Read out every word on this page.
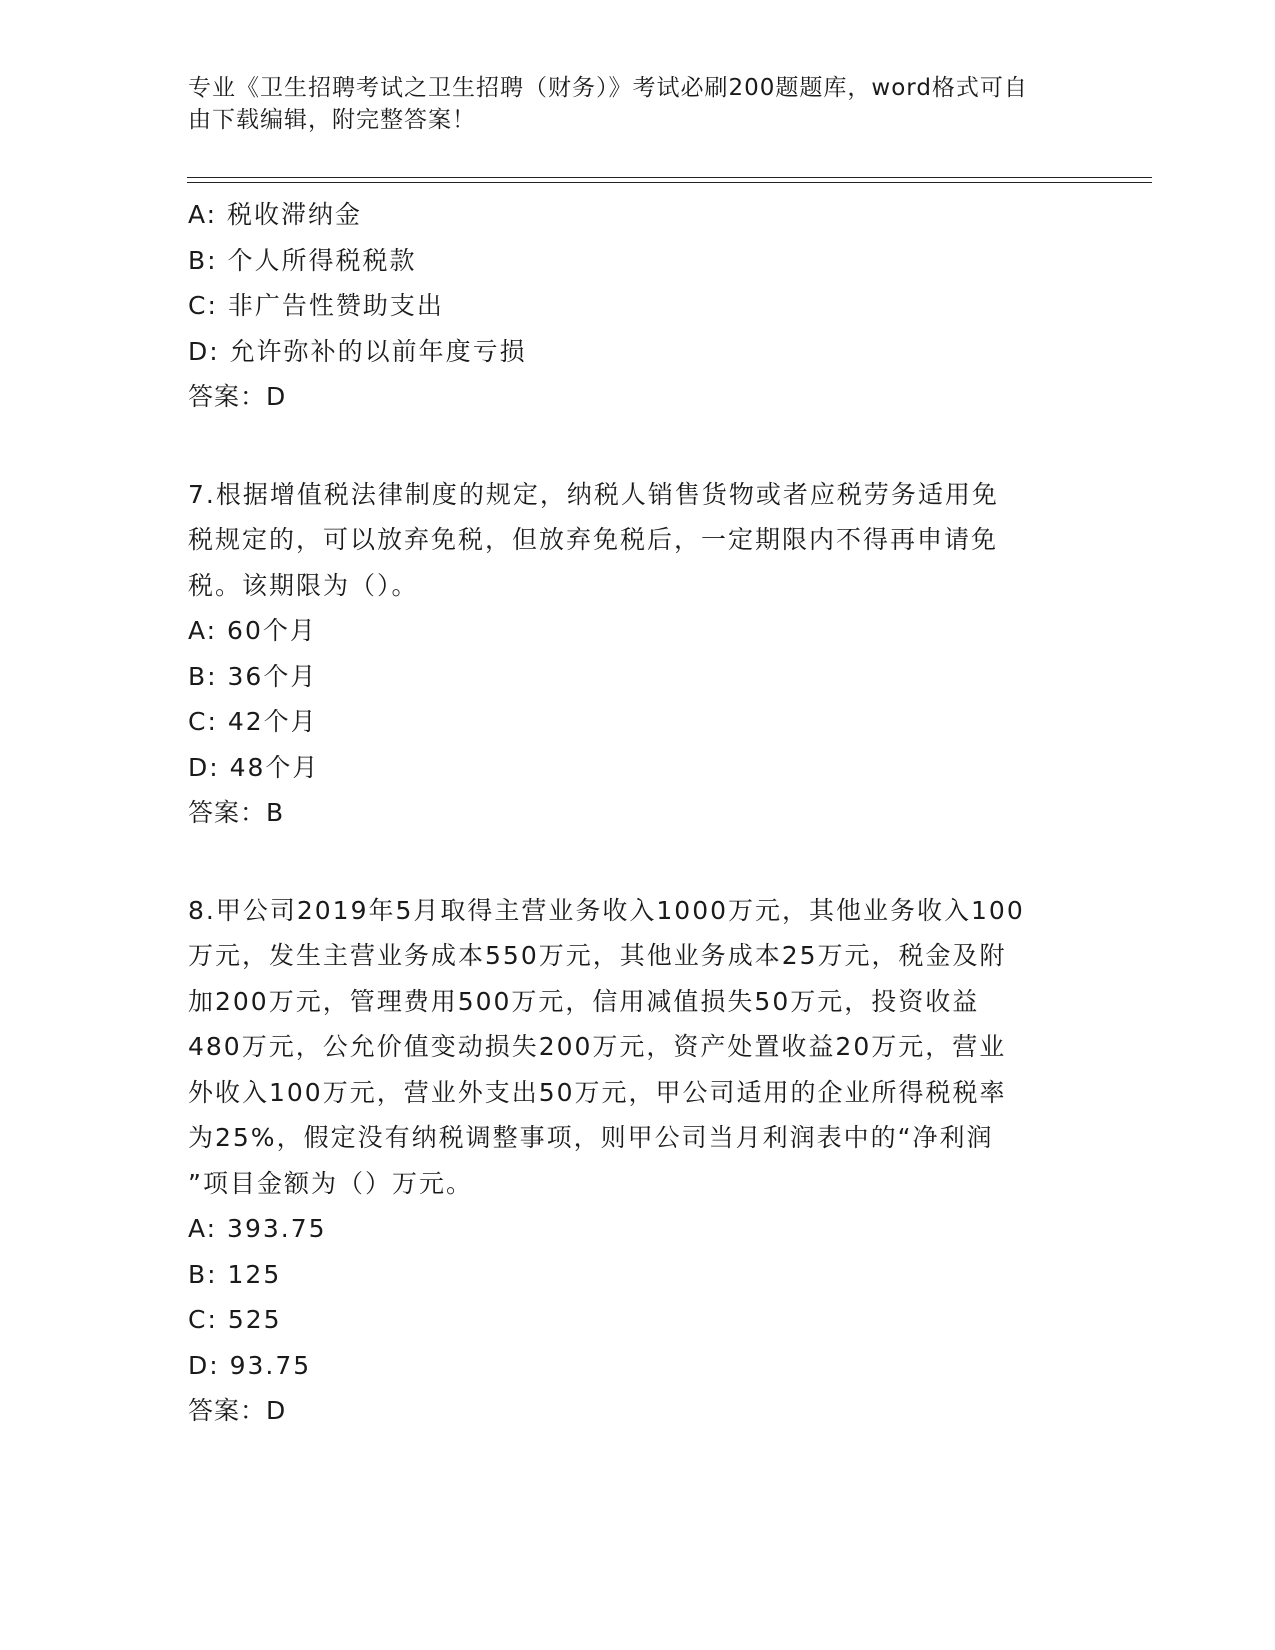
专业《卫生招聘考试之卫生招聘（财务）》考试必刷200题题库，word格式可自
由下载编辑，附完整答案！
A: 税收滞纳金
B: 个人所得税税款
C: 非广告性赞助支出
D: 允许弥补的以前年度亏损
答案：D
7.根据增值税法律制度的规定，纳税人销售货物或者应税劳务适用免
税规定的，可以放弃免税，但放弃免税后，一定期限内不得再申请免
税。该期限为（）。
A: 60个月
B: 36个月
C: 42个月
D: 48个月
答案：B
8.甲公司2019年5月取得主营业务收入1000万元，其他业务收入100
万元，发生主营业务成本550万元，其他业务成本25万元，税金及附
加200万元，管理费用500万元，信用减值损失50万元，投资收益
480万元，公允价值变动损失200万元，资产处置收益20万元，营业
外收入100万元，营业外支出50万元，甲公司适用的企业所得税税率
为25%，假定没有纳税调整事项，则甲公司当月利润表中的“净利润
”项目金额为（）万元。
A: 393.75
B: 125
C: 525
D: 93.75
答案：D
